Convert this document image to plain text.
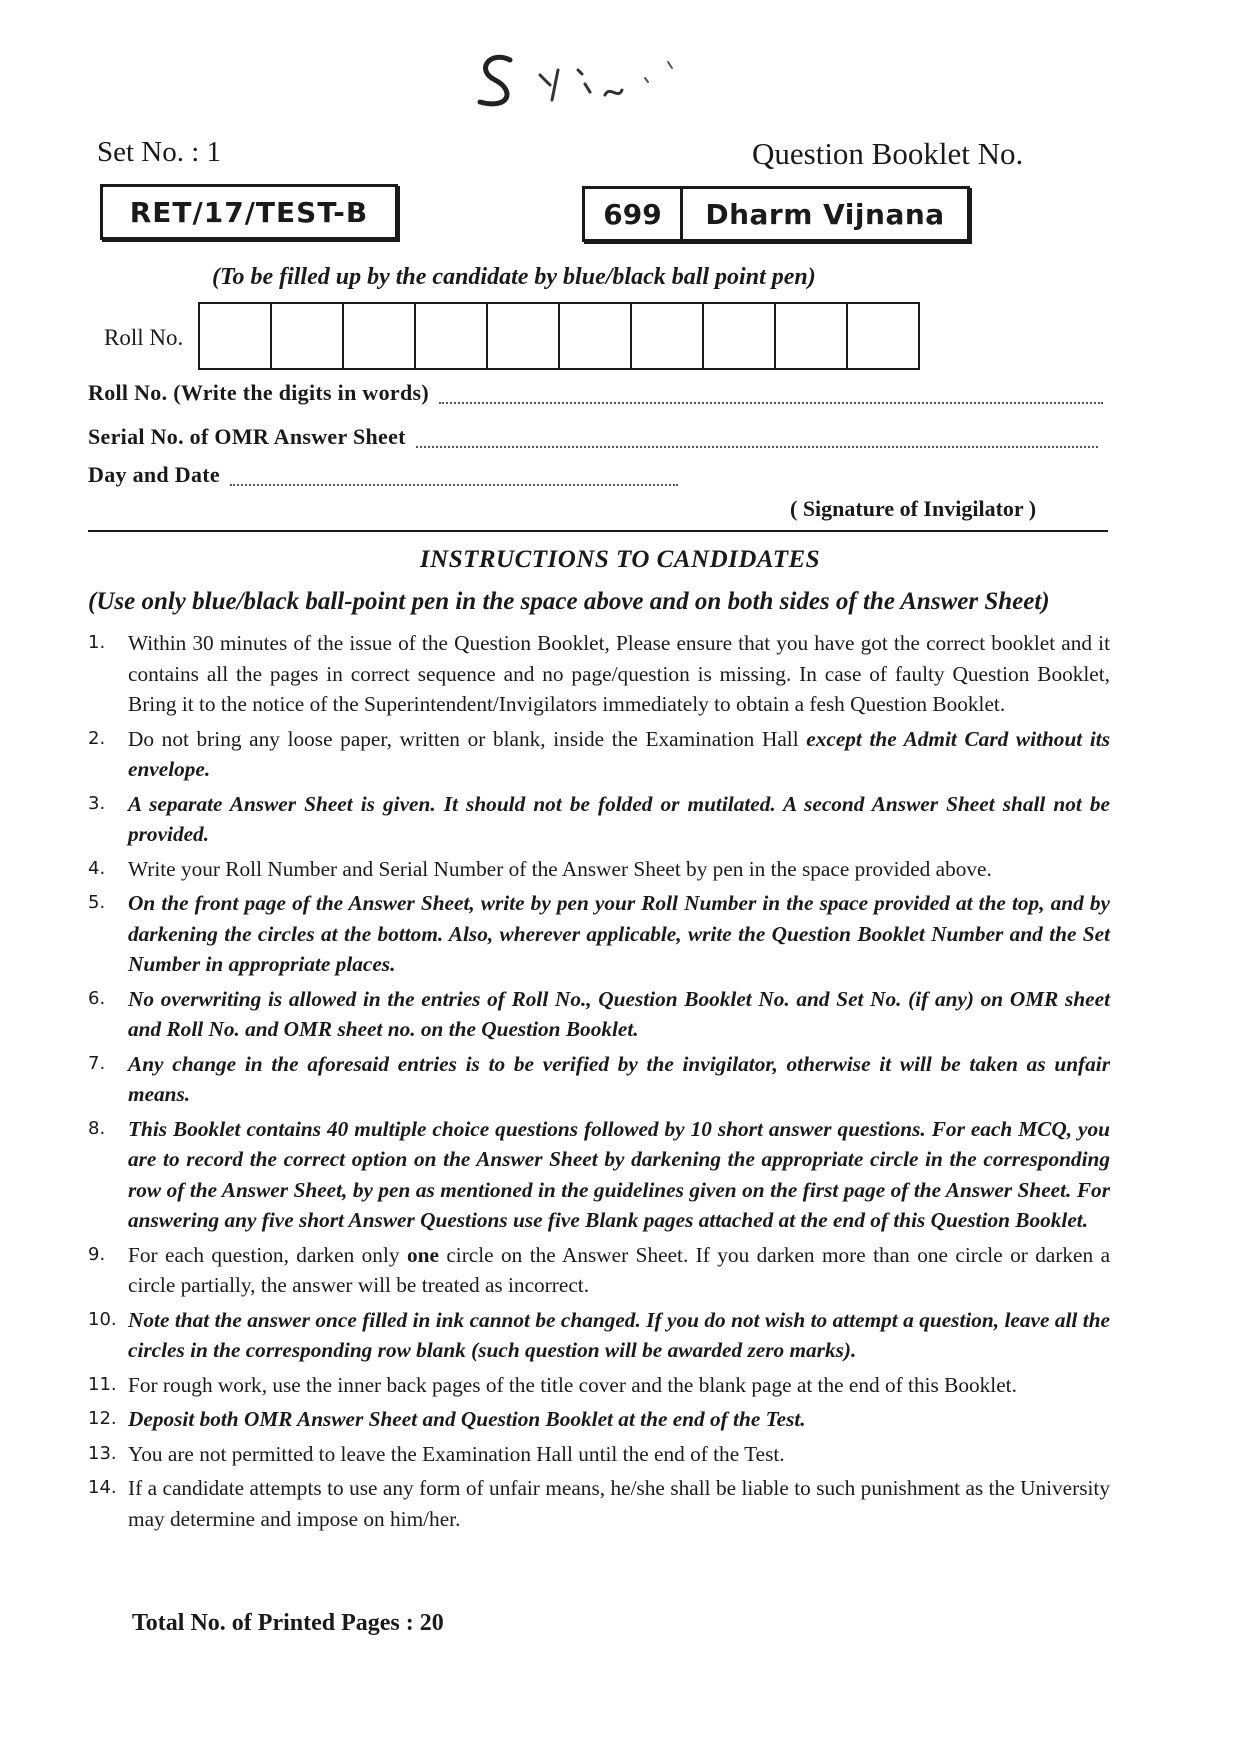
Set No. : 1	Question Booklet No.
RET/17/TEST-B	699	Dharm Vijnana
(To be filled up by the candidate by blue/black ball point pen)
Roll No.
Roll No. (Write the digits in words)
Serial No. of OMR Answer Sheet
Day and Date
( Signature of Invigilator )
INSTRUCTIONS TO CANDIDATES
(Use only blue/black ball-point pen in the space above and on both sides of the Answer Sheet)
1.	Within 30 minutes of the issue of the Question Booklet, Please ensure that you have got the correct booklet and it contains all the pages in correct sequence and no page/question is missing. In case of faulty Question Booklet, Bring it to the notice of the Superintendent/Invigilators immediately to obtain a fesh Question Booklet.
2.	Do not bring any loose paper, written or blank, inside the Examination Hall except the Admit Card without its envelope.
3.	A separate Answer Sheet is given. It should not be folded or mutilated. A second Answer Sheet shall not be provided.
4.	Write your Roll Number and Serial Number of the Answer Sheet by pen in the space provided above.
5.	On the front page of the Answer Sheet, write by pen your Roll Number in the space provided at the top, and by darkening the circles at the bottom. Also, wherever applicable, write the Question Booklet Number and the Set Number in appropriate places.
6.	No overwriting is allowed in the entries of Roll No., Question Booklet No. and Set No. (if any) on OMR sheet and Roll No. and OMR sheet no. on the Question Booklet.
7.	Any change in the aforesaid entries is to be verified by the invigilator, otherwise it will be taken as unfair means.
8.	This Booklet contains 40 multiple choice questions followed by 10 short answer questions. For each MCQ, you are to record the correct option on the Answer Sheet by darkening the appropriate circle in the corresponding row of the Answer Sheet, by pen as mentioned in the guidelines given on the first page of the Answer Sheet. For answering any five short Answer Questions use five Blank pages attached at the end of this Question Booklet.
9.	For each question, darken only one circle on the Answer Sheet. If you darken more than one circle or darken a circle partially, the answer will be treated as incorrect.
10. Note that the answer once filled in ink cannot be changed. If you do not wish to attempt a question, leave all the circles in the corresponding row blank (such question will be awarded zero marks).
11. For rough work, use the inner back pages of the title cover and the blank page at the end of this Booklet.
12. Deposit both OMR Answer Sheet and Question Booklet at the end of the Test.
13. You are not permitted to leave the Examination Hall until the end of the Test.
14. If a candidate attempts to use any form of unfair means, he/she shall be liable to such punishment as the University may determine and impose on him/her.
Total No. of Printed Pages : 20
